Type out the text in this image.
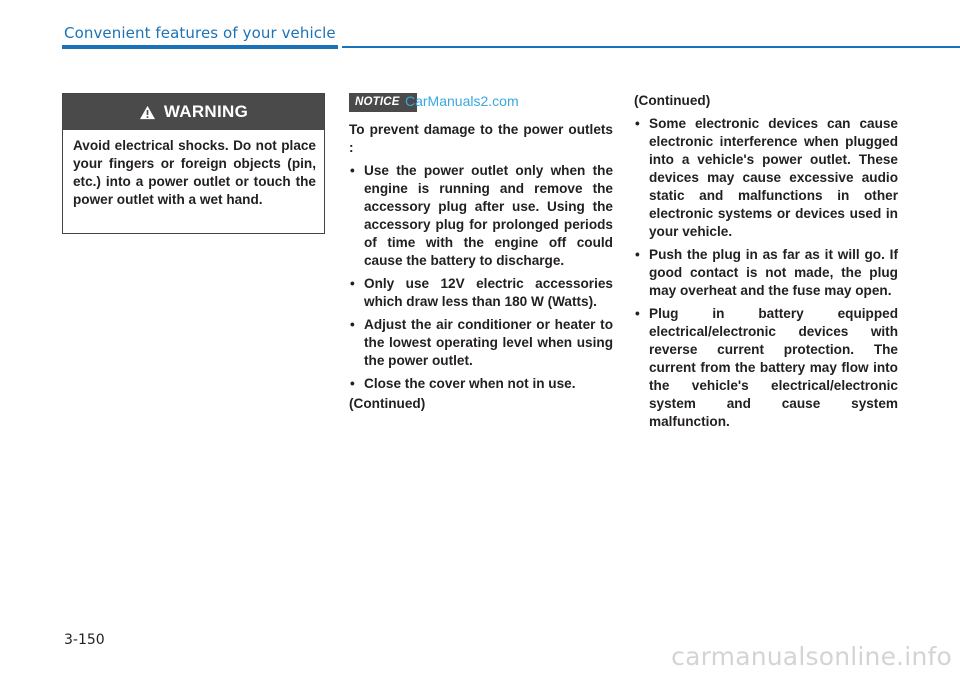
Convenient features of your vehicle
WARNING
Avoid electrical shocks. Do not place your fingers or foreign objects (pin, etc.) into a power outlet or touch the power outlet with a wet hand.
NOTICE CarManuals2.com

To prevent damage to the power outlets :

• Use the power outlet only when the engine is running and remove the accessory plug after use. Using the accessory plug for prolonged periods of time with the engine off could cause the battery to discharge.
• Only use 12V electric accessories which draw less than 180 W (Watts).
• Adjust the air conditioner or heater to the lowest operating level when using the power outlet.
• Close the cover when not in use.

(Continued)

(Continued)

• Some electronic devices can cause electronic interference when plugged into a vehicle's power outlet. These devices may cause excessive audio static and malfunctions in other electronic systems or devices used in your vehicle.
• Push the plug in as far as it will go. If good contact is not made, the plug may overheat and the fuse may open.
• Plug in battery equipped electrical/electronic devices with reverse current protection. The current from the battery may flow into the vehicle's electrical/electronic system and cause system malfunction.
3-150
carmanualsonline.info
